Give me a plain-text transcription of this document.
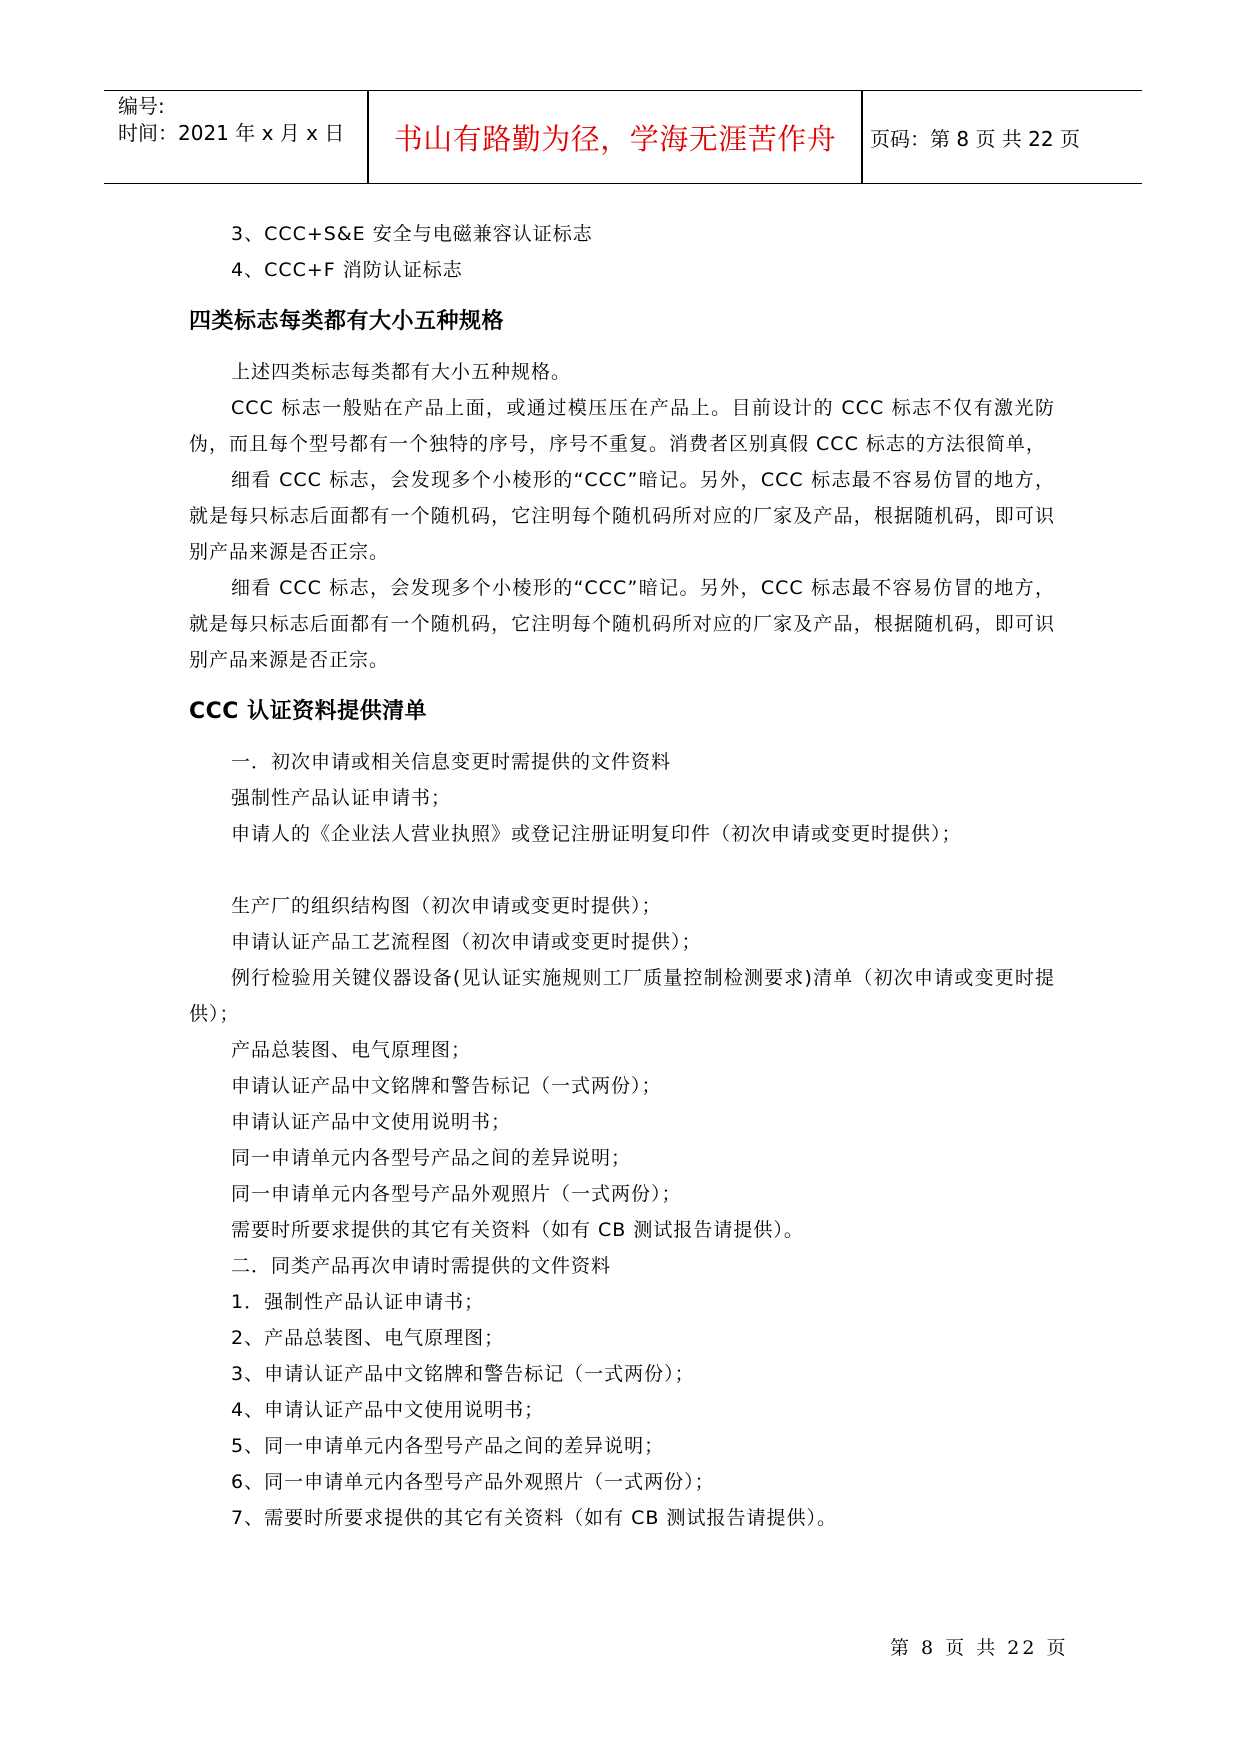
编号:
时间：2021 年 x 月 x 日	书山有路勤为径，学海无涯苦作舟	页码：第 8 页 共 22 页

3、CCC+S&E 安全与电磁兼容认证标志

4、CCC+F 消防认证标志

四类标志每类都有大小五种规格

上述四类标志每类都有大小五种规格。

CCC 标志一般贴在产品上面，或通过模压压在产品上。目前设计的 CCC 标志不仅有激光防伪，而且每个型号都有一个独特的序号，序号不重复。消费者区别真假 CCC 标志的方法很简单，

细看 CCC 标志，会发现多个小棱形的“CCC”暗记。另外，CCC 标志最不容易仿冒的地方，就是每只标志后面都有一个随机码，它注明每个随机码所对应的厂家及产品，根据随机码，即可识别产品来源是否正宗。

细看 CCC 标志，会发现多个小棱形的“CCC”暗记。另外，CCC 标志最不容易仿冒的地方，就是每只标志后面都有一个随机码，它注明每个随机码所对应的厂家及产品，根据随机码，即可识别产品来源是否正宗。

CCC 认证资料提供清单

一．初次申请或相关信息变更时需提供的文件资料

强制性产品认证申请书；

申请人的《企业法人营业执照》或登记注册证明复印件（初次申请或变更时提供）；

生产厂的组织结构图（初次申请或变更时提供）；

申请认证产品工艺流程图（初次申请或变更时提供）；

例行检验用关键仪器设备(见认证实施规则工厂质量控制检测要求)清单（初次申请或变更时提供）；

产品总装图、电气原理图；

申请认证产品中文铭牌和警告标记（一式两份）；

申请认证产品中文使用说明书；

同一申请单元内各型号产品之间的差异说明；

同一申请单元内各型号产品外观照片（一式两份）；

需要时所要求提供的其它有关资料（如有 CB 测试报告请提供）。

二．同类产品再次申请时需提供的文件资料

1．强制性产品认证申请书；

2、产品总装图、电气原理图；

3、申请认证产品中文铭牌和警告标记（一式两份）；

4、申请认证产品中文使用说明书；

5、同一申请单元内各型号产品之间的差异说明；

6、同一申请单元内各型号产品外观照片（一式两份）；

7、需要时所要求提供的其它有关资料（如有 CB 测试报告请提供）。

第 8 页 共 22 页
